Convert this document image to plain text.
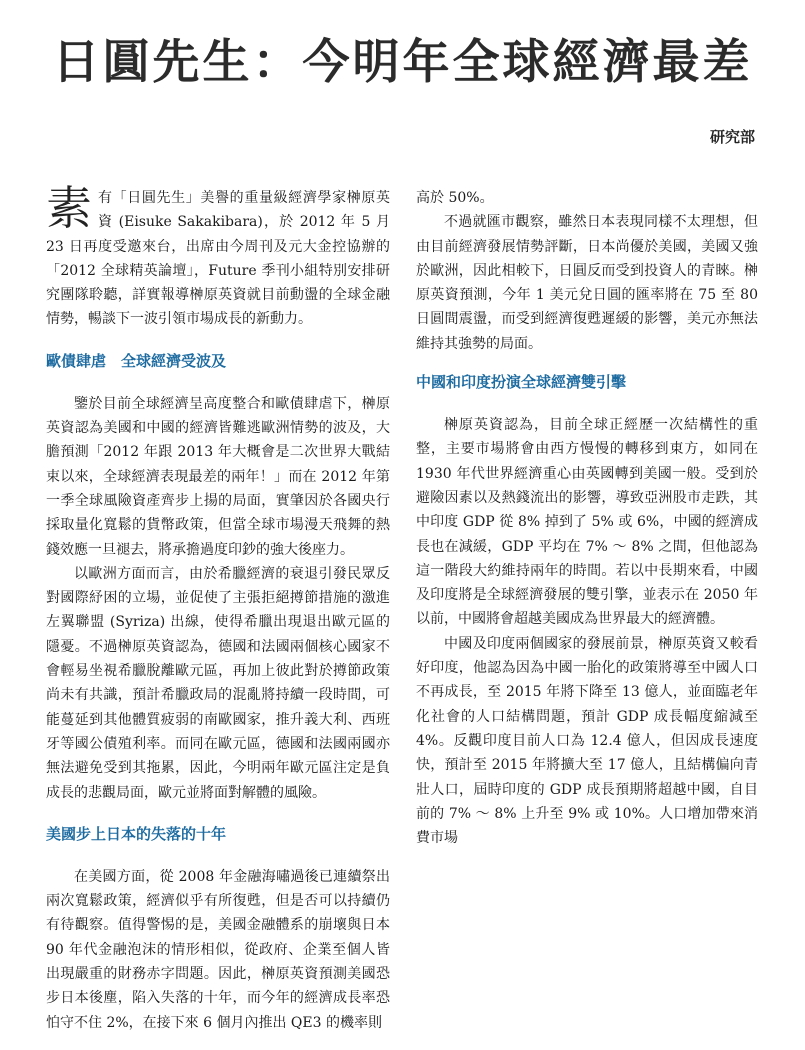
日圓先生：今明年全球經濟最差
研究部

素有「日圓先生」美譽的重量級經濟學家榊原英資 (Eisuke Sakakibara)，於 2012 年 5 月 23 日再度受邀來台，出席由今周刊及元大金控協辦的「2012 全球精英論壇」，Future 季刊小組特別安排研究團隊聆聽，詳實報導榊原英資就目前動盪的全球金融情勢，暢談下一波引領市場成長的新動力。

歐債肆虐　全球經濟受波及

鑒於目前全球經濟呈高度整合和歐債肆虐下，榊原英資認為美國和中國的經濟皆難逃歐洲情勢的波及，大膽預測「2012 年跟 2013 年大概會是二次世界大戰結束以來，全球經濟表現最差的兩年！」而在 2012 年第一季全球風險資產齊步上揚的局面，實肇因於各國央行採取量化寬鬆的貨幣政策，但當全球市場漫天飛舞的熱錢效應一旦褪去，將承擔過度印鈔的強大後座力。

以歐洲方面而言，由於希臘經濟的衰退引發民眾反對國際紓困的立場，並促使了主張拒絕撙節措施的激進左翼聯盟 (Syriza) 出線，使得希臘出現退出歐元區的隱憂。不過榊原英資認為，德國和法國兩個核心國家不會輕易坐視希臘脫離歐元區，再加上彼此對於撙節政策尚未有共識，預計希臘政局的混亂將持續一段時間，可能蔓延到其他體質疲弱的南歐國家，推升義大利、西班牙等國公債殖利率。而同在歐元區，德國和法國兩國亦無法避免受到其拖累，因此，今明兩年歐元區注定是負成長的悲觀局面，歐元並將面對解體的風險。

美國步上日本的失落的十年

在美國方面，從 2008 年金融海嘯過後已連續祭出兩次寬鬆政策，經濟似乎有所復甦，但是否可以持續仍有待觀察。值得警惕的是，美國金融體系的崩壞與日本 90 年代金融泡沫的情形相似，從政府、企業至個人皆出現嚴重的財務赤字問題。因此，榊原英資預測美國恐步日本後塵，陷入失落的十年，而今年的經濟成長率恐怕守不住 2%，在接下來 6 個月內推出 QE3 的機率則

高於 50%。

不過就匯市觀察，雖然日本表現同樣不太理想，但由目前經濟發展情勢評斷，日本尚優於美國，美國又強於歐洲，因此相較下，日圓反而受到投資人的青睞。榊原英資預測，今年 1 美元兌日圓的匯率將在 75 至 80 日圓間震盪，而受到經濟復甦遲緩的影響，美元亦無法維持其強勢的局面。

中國和印度扮演全球經濟雙引擊

榊原英資認為，目前全球正經歷一次結構性的重整，主要市場將會由西方慢慢的轉移到東方，如同在 1930 年代世界經濟重心由英國轉到美國一般。受到於避險因素以及熱錢流出的影響，導致亞洲股市走跌，其中印度 GDP 從 8% 掉到了 5% 或 6%，中國的經濟成長也在減緩，GDP 平均在 7% ～ 8% 之間，但他認為這一階段大約維持兩年的時間。若以中長期來看，中國及印度將是全球經濟發展的雙引擎，並表示在 2050 年以前，中國將會超越美國成為世界最大的經濟體。

中國及印度兩個國家的發展前景，榊原英資又較看好印度，他認為因為中國一胎化的政策將導至中國人口不再成長，至 2015 年將下降至 13 億人，並面臨老年化社會的人口結構問題，預計 GDP 成長幅度縮減至 4%。反觀印度目前人口為 12.4 億人，但因成長速度快，預計至 2015 年將擴大至 17 億人，且結構偏向青壯人口，屆時印度的 GDP 成長預期將超越中國，自目前的 7% ～ 8% 上升至 9% 或 10%。人口增加帶來消費市場
